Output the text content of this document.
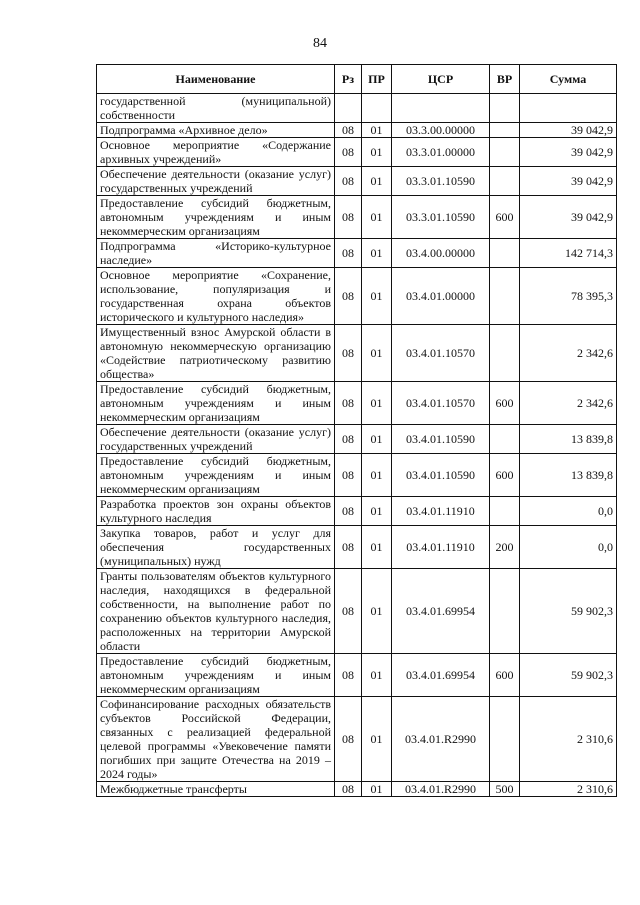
84
Наименование	Рз	ПР	ЦСР	ВР	Сумма
государственной (муниципальной) собственности					
Подпрограмма «Архивное дело»	08	01	03.3.00.00000		39 042,9
Основное мероприятие «Содержание архивных учреждений»	08	01	03.3.01.00000		39 042,9
Обеспечение деятельности (оказание услуг) государственных учреждений	08	01	03.3.01.10590		39 042,9
Предоставление субсидий бюджетным, автономным учреждениям и иным некоммерческим организациям	08	01	03.3.01.10590	600	39 042,9
Подпрограмма «Историко-культурное наследие»	08	01	03.4.00.00000		142 714,3
Основное мероприятие «Сохранение, использование, популяризация и государственная охрана объектов исторического и культурного наследия»	08	01	03.4.01.00000		78 395,3
Имущественный взнос Амурской области в автономную некоммерческую организацию «Содействие патриотическому развитию общества»	08	01	03.4.01.10570		2 342,6
Предоставление субсидий бюджетным, автономным учреждениям и иным некоммерческим организациям	08	01	03.4.01.10570	600	2 342,6
Обеспечение деятельности (оказание услуг) государственных учреждений	08	01	03.4.01.10590		13 839,8
Предоставление субсидий бюджетным, автономным учреждениям и иным некоммерческим организациям	08	01	03.4.01.10590	600	13 839,8
Разработка проектов зон охраны объектов культурного наследия	08	01	03.4.01.11910		0,0
Закупка товаров, работ и услуг для обеспечения государственных (муниципальных) нужд	08	01	03.4.01.11910	200	0,0
Гранты пользователям объектов культурного наследия, находящихся в федеральной собственности, на выполнение работ по сохранению объектов культурного наследия, расположенных на территории Амурской области	08	01	03.4.01.69954		59 902,3
Предоставление субсидий бюджетным, автономным учреждениям и иным некоммерческим организациям	08	01	03.4.01.69954	600	59 902,3
Софинансирование расходных обязательств субъектов Российской Федерации, связанных с реализацией федеральной целевой программы «Увековечение памяти погибших при защите Отечества на 2019 – 2024 годы»	08	01	03.4.01.R2990		2 310,6
Межбюджетные трансферты	08	01	03.4.01.R2990	500	2 310,6
